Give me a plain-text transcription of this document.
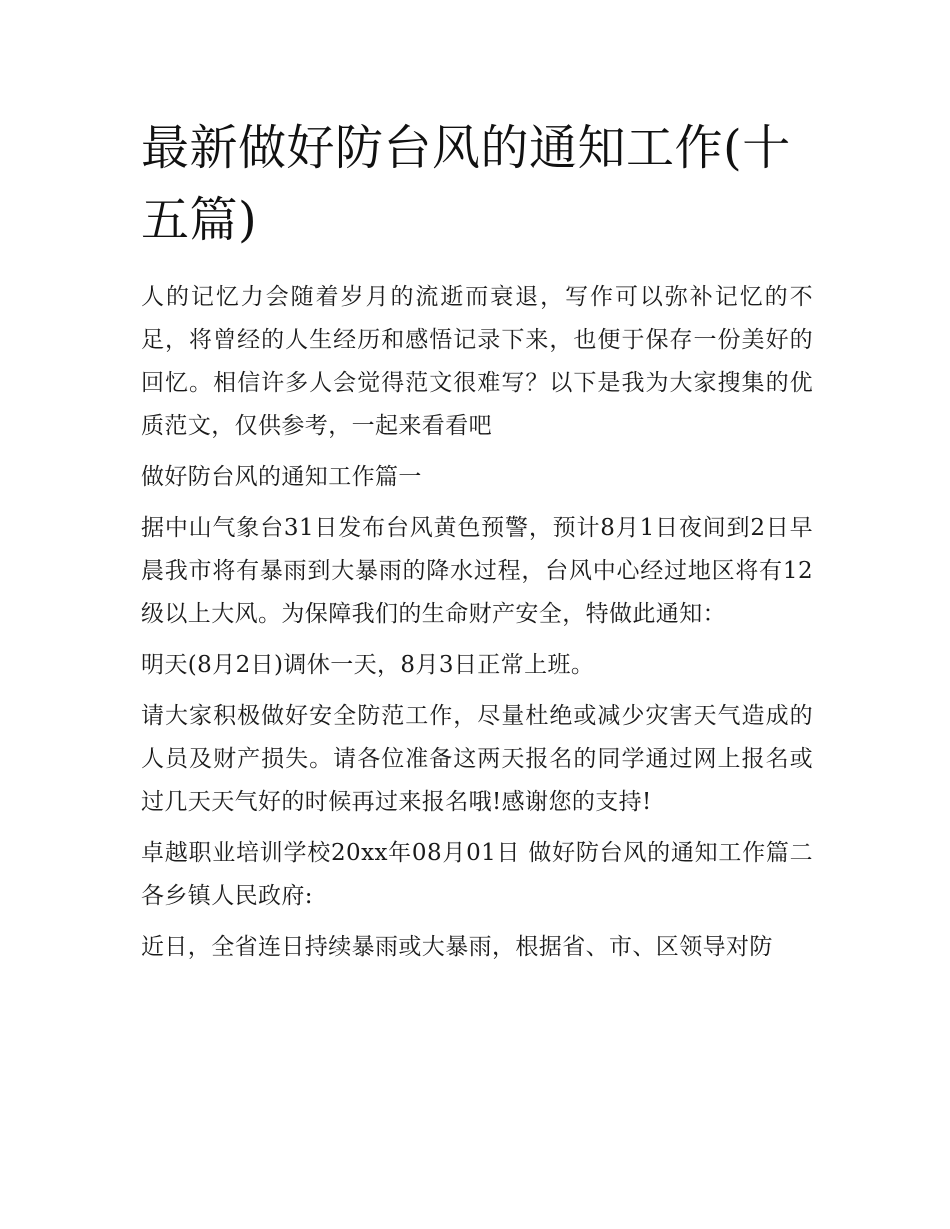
最新做好防台风的通知工作(十五篇)

人的记忆力会随着岁月的流逝而衰退，写作可以弥补记忆的不足，将曾经的人生经历和感悟记录下来，也便于保存一份美好的回忆。相信许多人会觉得范文很难写？以下是我为大家搜集的优质范文，仅供参考，一起来看看吧

做好防台风的通知工作篇一

据中山气象台31日发布台风黄色预警，预计8月1日夜间到2日早晨我市将有暴雨到大暴雨的降水过程，台风中心经过地区将有12级以上大风。为保障我们的生命财产安全，特做此通知：

明天(8月2日)调休一天，8月3日正常上班。

请大家积极做好安全防范工作，尽量杜绝或减少灾害天气造成的人员及财产损失。请各位准备这两天报名的同学通过网上报名或过几天天气好的时候再过来报名哦!感谢您的支持!

卓越职业培训学校20xx年08月01日 做好防台风的通知工作篇二 各乡镇人民政府:

近日，全省连日持续暴雨或大暴雨，根据省、市、区领导对防
